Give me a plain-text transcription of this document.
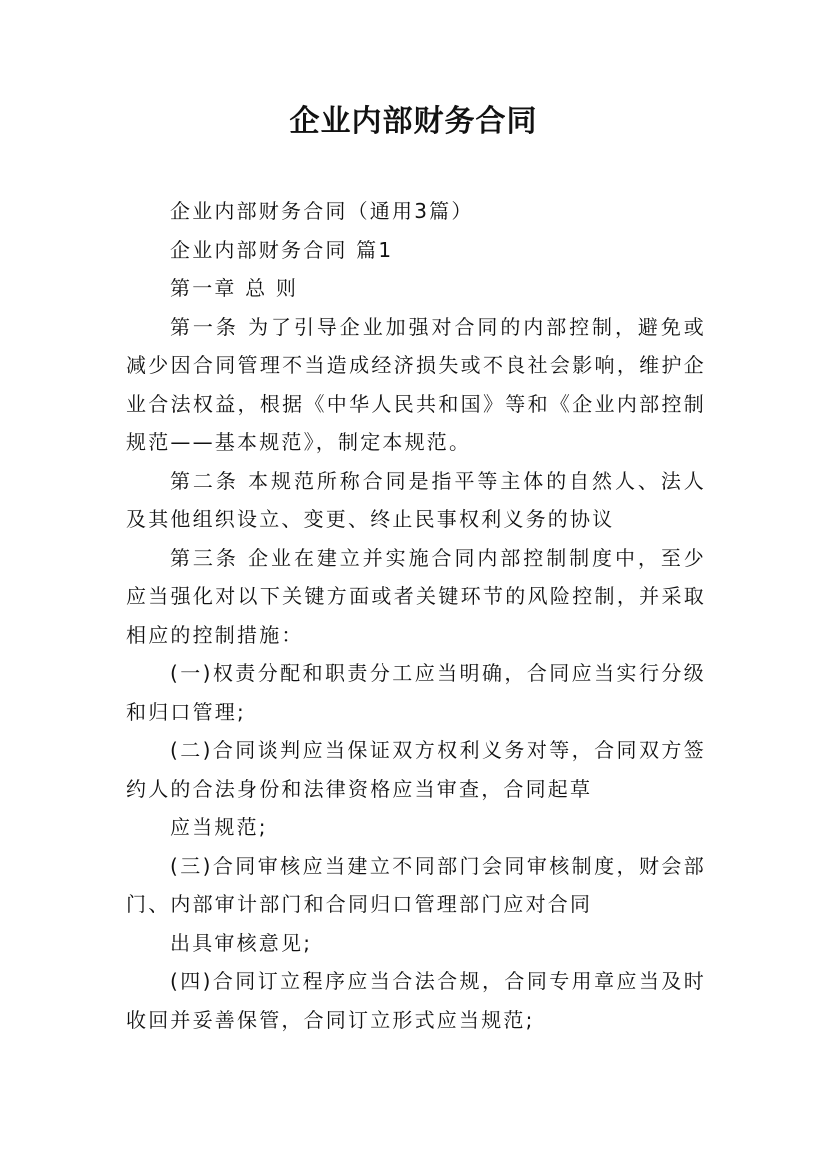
企业内部财务合同

企业内部财务合同（通用3篇）

企业内部财务合同 篇1

第一章 总 则

第一条 为了引导企业加强对合同的内部控制，避免或减少因合同管理不当造成经济损失或不良社会影响，维护企业合法权益，根据《中华人民共和国》等和《企业内部控制规范——基本规范》，制定本规范。

第二条 本规范所称合同是指平等主体的自然人、法人及其他组织设立、变更、终止民事权利义务的协议

第三条 企业在建立并实施合同内部控制制度中，至少应当强化对以下关键方面或者关键环节的风险控制，并采取相应的控制措施：

(一)权责分配和职责分工应当明确，合同应当实行分级和归口管理;

(二)合同谈判应当保证双方权利义务对等，合同双方签约人的合法身份和法律资格应当审查，合同起草

应当规范;

(三)合同审核应当建立不同部门会同审核制度，财会部门、内部审计部门和合同归口管理部门应对合同

出具审核意见;

(四)合同订立程序应当合法合规，合同专用章应当及时收回并妥善保管，合同订立形式应当规范;
